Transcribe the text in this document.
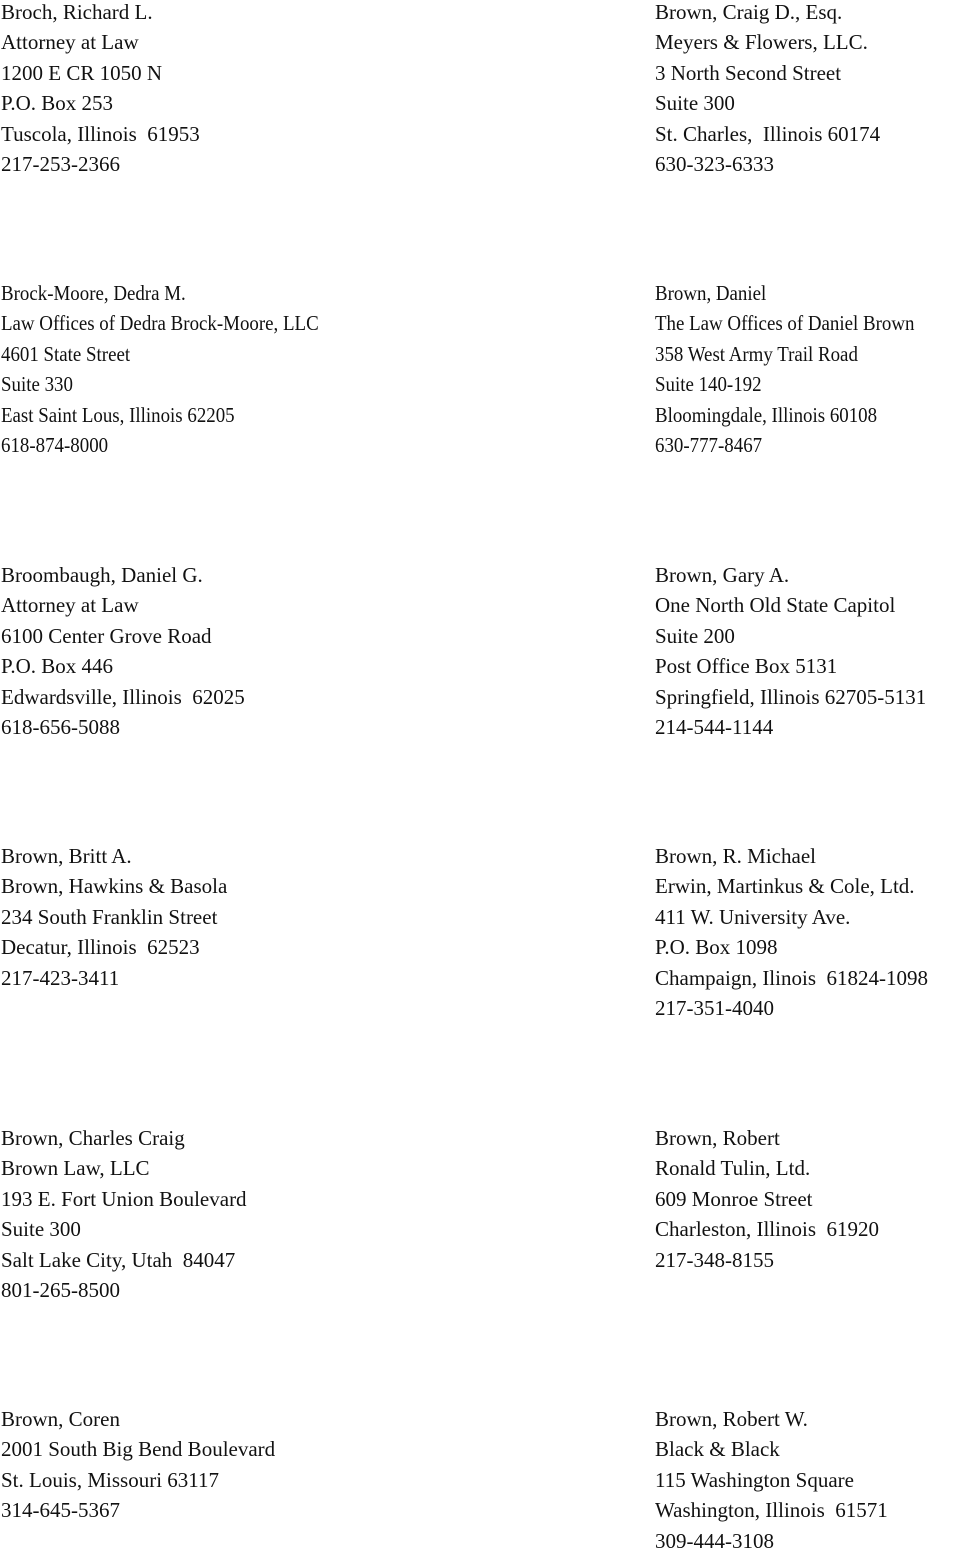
Broch, Richard L.
Attorney at Law
1200 E CR 1050 N
P.O. Box 253
Tuscola, Illinois  61953
217-253-2366
Brown, Craig D., Esq.
Meyers & Flowers, LLC.
3 North Second Street
Suite 300
St. Charles,  Illinois 60174
630-323-6333
Brock-Moore, Dedra M.
Law Offices of Dedra Brock-Moore, LLC
4601 State Street
Suite 330
East Saint Lous, Illinois 62205
618-874-8000
Brown, Daniel
The Law Offices of Daniel Brown
358 West Army Trail Road
Suite 140-192
Bloomingdale, Illinois 60108
630-777-8467
Broombaugh, Daniel G.
Attorney at Law
6100 Center Grove Road
P.O. Box 446
Edwardsville, Illinois  62025
618-656-5088
Brown, Gary A.
One North Old State Capitol
Suite 200
Post Office Box 5131
Springfield, Illinois 62705-5131
214-544-1144
Brown, Britt A.
Brown, Hawkins & Basola
234 South Franklin Street
Decatur, Illinois  62523
217-423-3411
Brown, R. Michael
Erwin, Martinkus & Cole, Ltd.
411 W. University Ave.
P.O. Box 1098
Champaign, Ilinois  61824-1098
217-351-4040
Brown, Charles Craig
Brown Law, LLC
193 E. Fort Union Boulevard
Suite 300
Salt Lake City, Utah  84047
801-265-8500
Brown, Robert
Ronald Tulin, Ltd.
609 Monroe Street
Charleston, Illinois  61920
217-348-8155
Brown, Coren
2001 South Big Bend Boulevard
St. Louis, Missouri 63117
314-645-5367
Brown, Robert W.
Black & Black
115 Washington Square
Washington, Illinois  61571
309-444-3108
